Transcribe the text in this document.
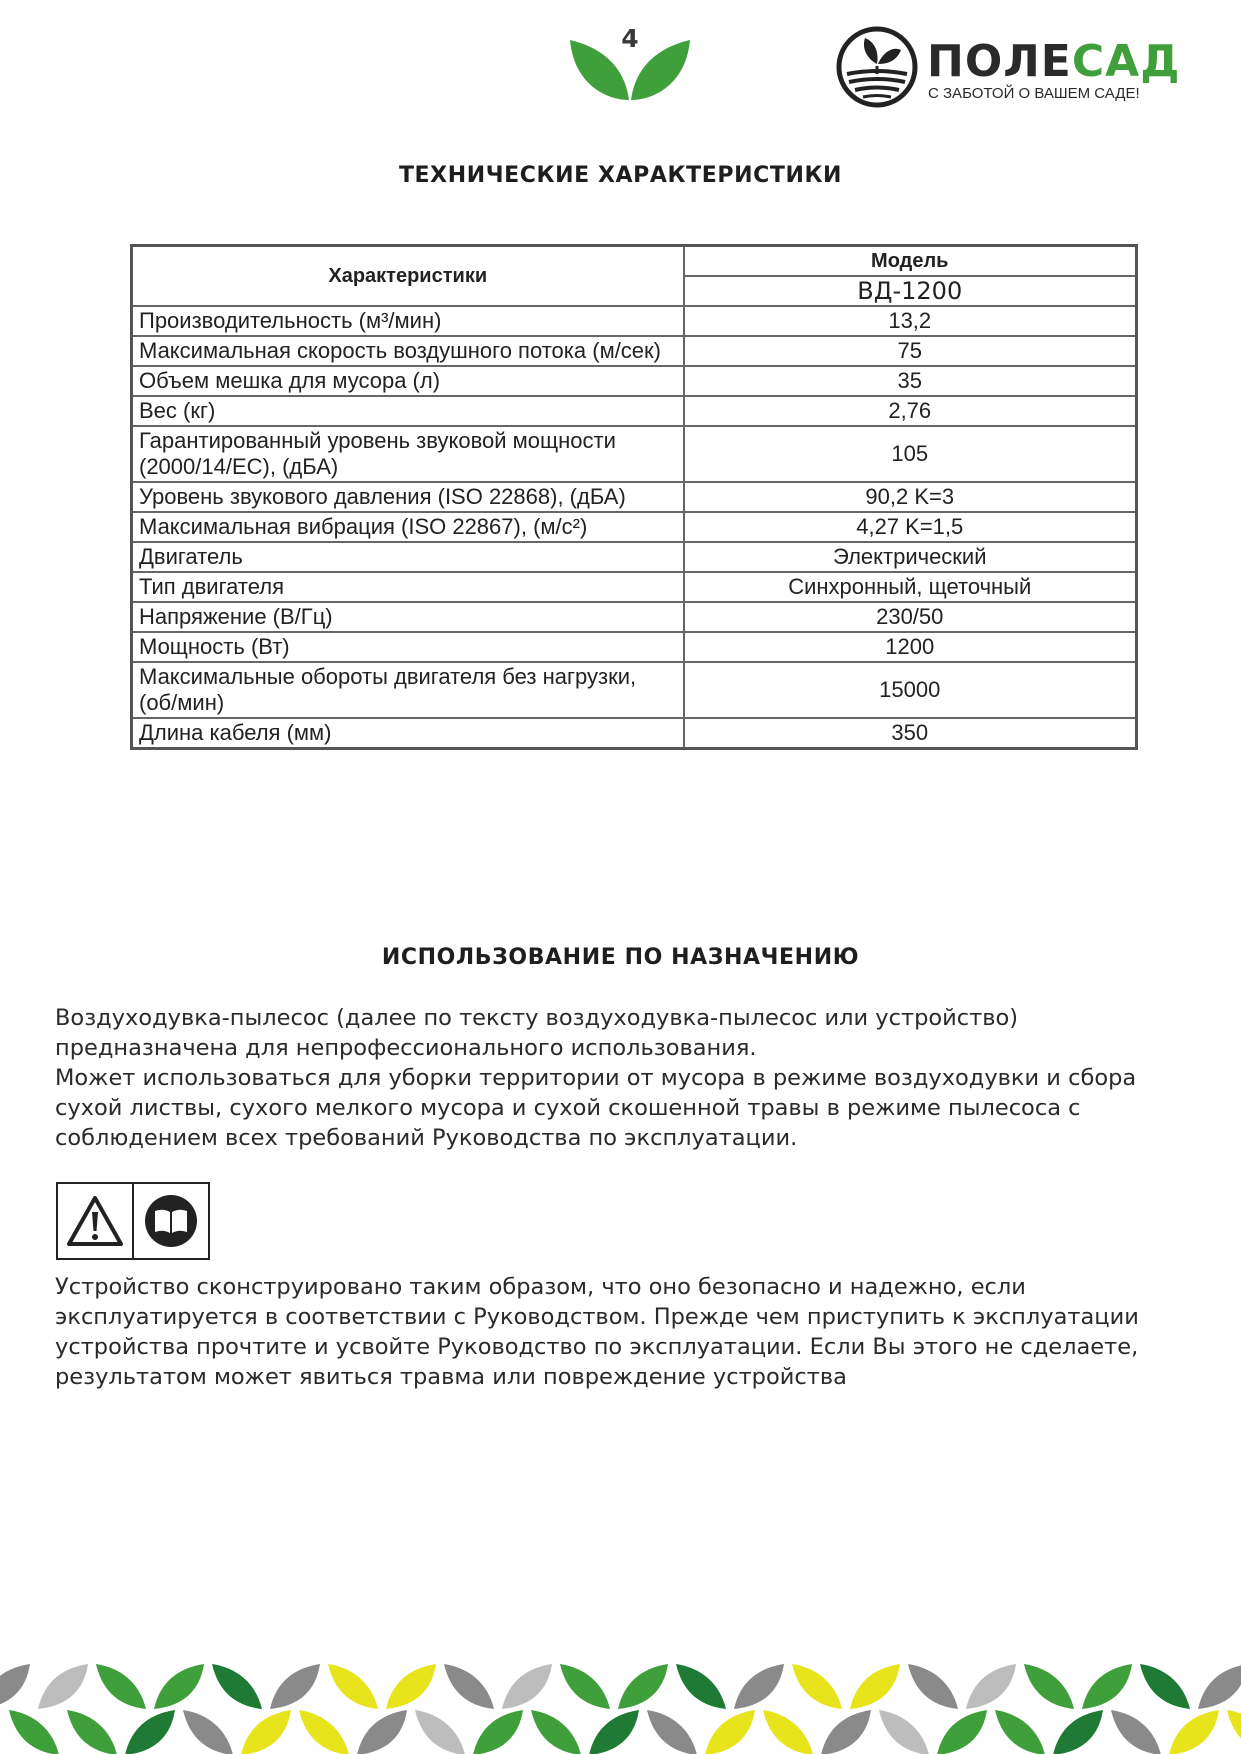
4	ПОЛЕСАД
С ЗАБОТОЙ О ВАШЕМ САДЕ!
ТЕХНИЧЕСКИЕ ХАРАКТЕРИСТИКИ
Характеристики	Модель
	ВД-1200
Производительность (м³/мин)	13,2
Максимальная скорость воздушного потока (м/сек)	75
Объем мешка для мусора (л)	35
Вес (кг)	2,76
Гарантированный уровень звуковой мощности (2000/14/ЕС), (дБА)	105
Уровень звукового давления (ISO 22868), (дБА)	90,2 K=3
Максимальная вибрация (ISO 22867), (м/с²)	4,27 K=1,5
Двигатель	Электрический
Тип двигателя	Синхронный, щеточный
Напряжение (В/Гц)	230/50
Мощность (Вт)	1200
Максимальные обороты двигателя без нагрузки, (об/мин)	15000
Длина кабеля (мм)	350
ИСПОЛЬЗОВАНИЕ ПО НАЗНАЧЕНИЮ

Воздуходувка-пылесос (далее по тексту воздуходувка-пылесос или устройство) предназначена для непрофессионального использования.

Может использоваться для уборки территории от мусора в режиме воздуходувки и сбора сухой листвы, сухого мелкого мусора и сухой скошенной травы в режиме пылесоса с соблюдением всех требований Руководства по эксплуатации.

Устройство сконструировано таким образом, что оно безопасно и надежно, если эксплуатируется в соответствии с Руководством. Прежде чем приступить к эксплуатации устройства прочтите и усвойте Руководство по эксплуатации. Если Вы этого не сделаете, результатом может явиться травма или повреждение устройства
